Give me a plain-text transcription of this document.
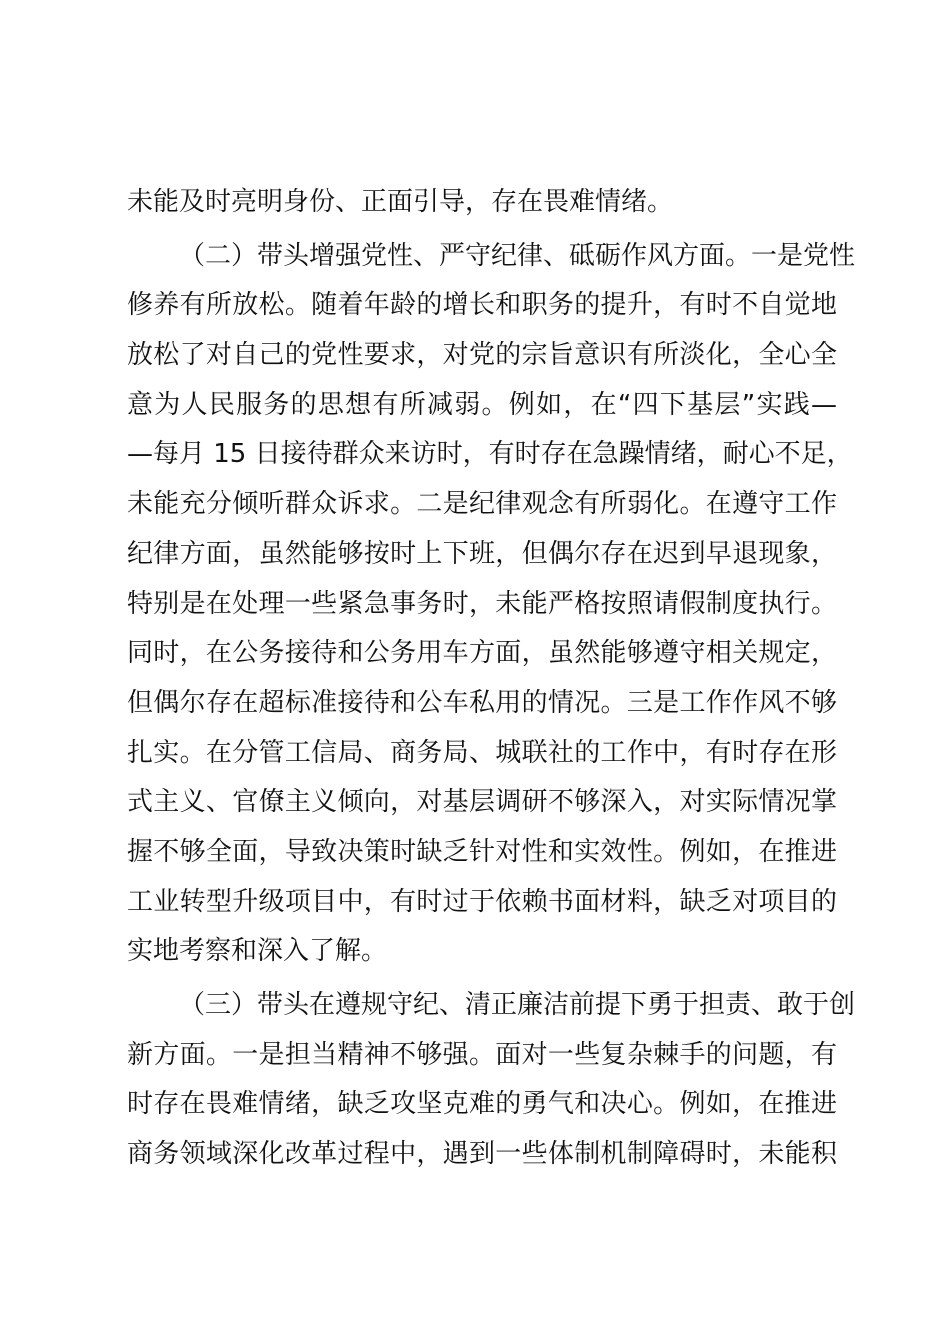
未能及时亮明身份、正面引导，存在畏难情绪。
（二）带头增强党性、严守纪律、砥砺作风方面。一是党性
修养有所放松。随着年龄的增长和职务的提升，有时不自觉地
放松了对自己的党性要求，对党的宗旨意识有所淡化，全心全
意为人民服务的思想有所减弱。例如，在“四下基层”实践—
—每月 15 日接待群众来访时，有时存在急躁情绪，耐心不足，
未能充分倾听群众诉求。二是纪律观念有所弱化。在遵守工作
纪律方面，虽然能够按时上下班，但偶尔存在迟到早退现象，
特别是在处理一些紧急事务时，未能严格按照请假制度执行。
同时，在公务接待和公务用车方面，虽然能够遵守相关规定，
但偶尔存在超标准接待和公车私用的情况。三是工作作风不够
扎实。在分管工信局、商务局、城联社的工作中，有时存在形
式主义、官僚主义倾向，对基层调研不够深入，对实际情况掌
握不够全面，导致决策时缺乏针对性和实效性。例如，在推进
工业转型升级项目中，有时过于依赖书面材料，缺乏对项目的
实地考察和深入了解。
（三）带头在遵规守纪、清正廉洁前提下勇于担责、敢于创
新方面。一是担当精神不够强。面对一些复杂棘手的问题，有
时存在畏难情绪，缺乏攻坚克难的勇气和决心。例如，在推进
商务领域深化改革过程中，遇到一些体制机制障碍时，未能积
